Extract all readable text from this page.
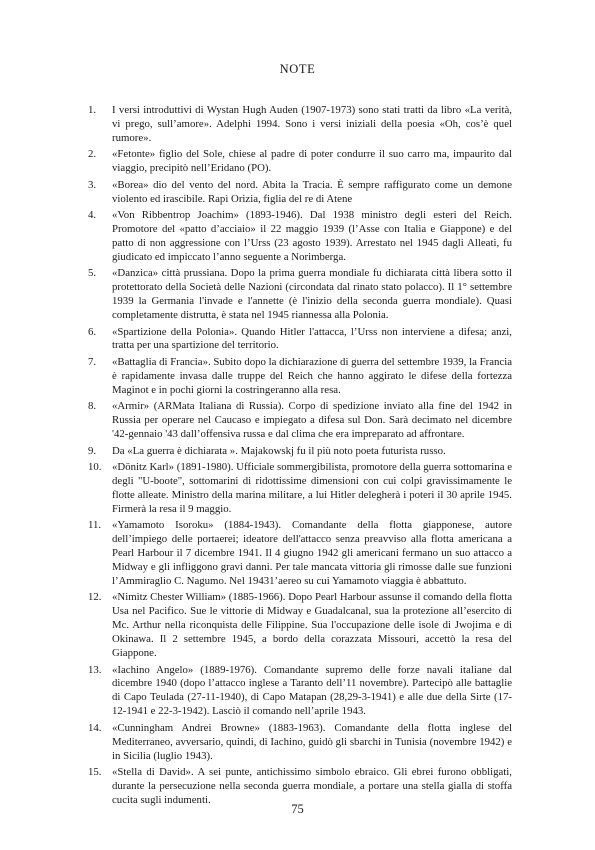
NOTE
1. I versi introduttivi di Wystan Hugh Auden (1907-1973) sono stati tratti da libro «La verità, vi prego, sull’amore». Adelphi 1994. Sono i versi iniziali della poesia «Oh, cos’è quel rumore».
2. «Fetonte» figlio del Sole, chiese al padre di poter condurre il suo carro ma, impaurito dal viaggio, precipitò nell’Eridano (PO).
3. «Borea» dio del vento del nord. Abita la Tracia. È sempre raffigurato come un demone violento ed irascibile. Rapì Orizia, figlia del re di Atene
4. «Von Ribbentrop Joachim» (1893-1946). Dal 1938 ministro degli esteri del Reich. Promotore del «patto d’acciaio» il 22 maggio 1939 (l’Asse con Italia e Giappone) e del patto di non aggressione con l’Urss (23 agosto 1939). Arrestato nel 1945 dagli Alleati, fu giudicato ed impiccato l’anno seguente a Norimberga.
5. «Danzica» città prussiana. Dopo la prima guerra mondiale fu dichiarata città libera sotto il protettorato della Società delle Nazioni (circondata dal rinato stato polacco). Il 1° settembre 1939 la Germania l'invade e l'annette (è l'inizio della seconda guerra mondiale). Quasi completamente distrutta, è stata nel 1945 riannessa alla Polonia.
6. «Spartizione della Polonia». Quando Hitler l'attacca, l’Urss non interviene a difesa; anzi, tratta per una spartizione del territorio.
7. «Battaglia di Francia». Subito dopo la dichiarazione di guerra del settembre 1939, la Francia è rapidamente invasa dalle truppe del Reich che hanno aggirato le difese della fortezza Maginot e in pochi giorni la costringeranno alla resa.
8. «Armir» (ARMata Italiana di Russia). Corpo di spedizione inviato alla fine del 1942 in Russia per operare nel Caucaso e impiegato a difesa sul Don. Sarà decimato nel dicembre '42-gennaio '43 dall’offensiva russa e dal clima che era impreparato ad affrontare.
9. Da «La guerra è dichiarata ». Majakowskj fu il più noto poeta futurista russo.
10. «Dönitz Karl» (1891-1980). Ufficiale sommergibilista, promotore della guerra sottomarina e degli "U-boote", sottomarini di ridottissime dimensioni con cui colpi gravissimamente le flotte alleate. Ministro della marina militare, a lui Hitler delegherà i poteri il 30 aprile 1945. Firmerà la resa il 9 maggio.
11. «Yamamoto Isoroku» (1884-1943). Comandante della flotta giapponese, autore dell’impiego delle portaerei; ideatore dell'attacco senza preavviso alla flotta americana a Pearl Harbour il 7 dicembre 1941. Il 4 giugno 1942 gli americani fermano un suo attacco a Midway e gli infliggono gravi danni. Per tale mancata vittoria gli rimosse dalle sue funzioni l’Ammiraglio C. Nagumo. Nel 19431’aereo su cui Yamamoto viaggia è abbattuto.
12. «Nimitz Chester William» (1885-1966). Dopo Pearl Harbour assunse il comando della flotta Usa nel Pacifico. Sue le vittorie di Midway e Guadalcanal, sua la protezione all’esercito di Mc. Arthur nella riconquista delle Filippine. Sua l'occupazione delle isole di Jwojima e di Okinawa. Il 2 settembre 1945, a bordo della corazzata Missouri, accettò la resa del Giappone.
13. «Iachino Angelo» (1889-1976). Comandante supremo delle forze navali italiane dal dicembre 1940 (dopo l’attacco inglese a Taranto dell’11 novembre). Partecipò alle battaglie di Capo Teulada (27-11-1940), di Capo Matapan (28,29-3-1941) e alle due della Sirte (17-12-1941 e 22-3-1942). Lasciò il comando nell’aprile 1943.
14. «Cunningham Andrei Browne» (1883-1963). Comandante della flotta inglese del Mediterraneo, avversario, quindi, di Iachino, guidò gli sbarchi in Tunisia (novembre 1942) e in Sicilia (luglio 1943).
15. «Stella di David». A sei punte, antichissimo simbolo ebraico. Gli ebrei furono obbligati, durante la persecuzione nella seconda guerra mondiale, a portare una stella gialla di stoffa cucita sugli indumenti.
75
